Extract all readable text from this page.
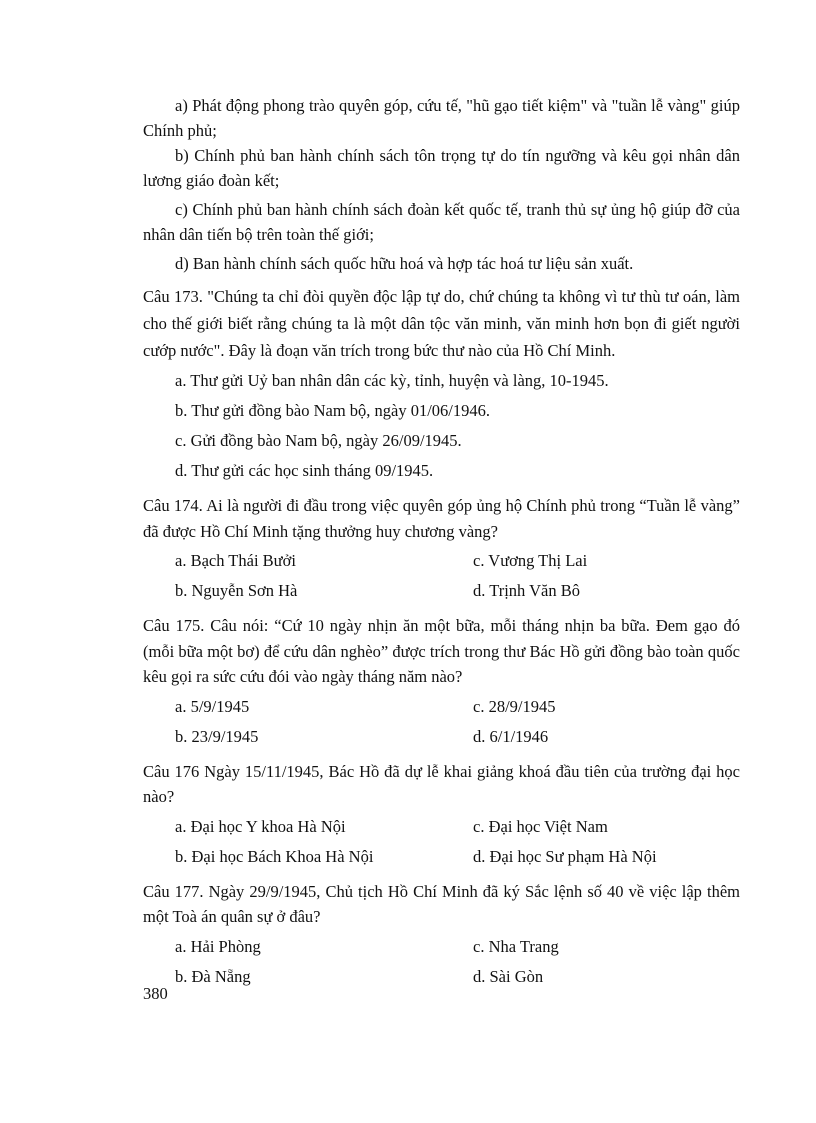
a) Phát động phong trào quyên góp, cứu tế, "hũ gạo tiết kiệm" và "tuần lễ vàng" giúp Chính phủ;

b) Chính phủ ban hành chính sách tôn trọng tự do tín ngưỡng và kêu gọi nhân dân lương giáo đoàn kết;

c) Chính phủ ban hành chính sách đoàn kết quốc tế, tranh thủ sự ủng hộ giúp đỡ của nhân dân tiến bộ trên toàn thế giới;

d) Ban hành chính sách quốc hữu hoá và hợp tác hoá tư liệu sản xuất.

Câu 173. "Chúng ta chỉ đòi quyền độc lập tự do, chứ chúng ta không vì tư thù tư oán, làm cho thế giới biết rằng chúng ta là một dân tộc văn minh, văn minh hơn bọn đi giết người cướp nước". Đây là đoạn văn trích trong bức thư nào của Hồ Chí Minh.

a. Thư gửi Uỷ ban nhân dân các kỳ, tỉnh, huyện và làng, 10-1945.
b. Thư gửi đồng bào Nam bộ, ngày 01/06/1946.
c. Gửi đồng bào Nam bộ, ngày 26/09/1945.
d. Thư gửi các học sinh tháng 09/1945.

Câu 174. Ai là người đi đầu trong việc quyên góp ủng hộ Chính phủ trong “Tuần lễ vàng” đã được Hồ Chí Minh tặng thưởng huy chương vàng?

a. Bạch Thái Bưởi	c. Vương Thị Lai
b. Nguyễn Sơn Hà	d. Trịnh Văn Bô

Câu 175. Câu nói: “Cứ 10 ngày nhịn ăn một bữa, mỗi tháng nhịn ba bữa. Đem gạo đó (mỗi bữa một bơ) để cứu dân nghèo” được trích trong thư Bác Hồ gửi đồng bào toàn quốc kêu gọi ra sức cứu đói vào ngày tháng năm nào?

a. 5/9/1945	c. 28/9/1945
b. 23/9/1945	d. 6/1/1946

Câu 176 Ngày 15/11/1945, Bác Hồ đã dự lễ khai giảng khoá đầu tiên của trường đại học nào?

a. Đại học Y khoa Hà Nội	c. Đại học Việt Nam
b. Đại học Bách Khoa Hà Nội	d. Đại học Sư phạm Hà Nội

Câu 177. Ngày 29/9/1945, Chủ tịch Hồ Chí Minh đã ký Sắc lệnh số 40 về việc lập thêm một Toà án quân sự ở đâu?

a. Hải Phòng	c. Nha Trang
b. Đà Nẵng	d. Sài Gòn
380
